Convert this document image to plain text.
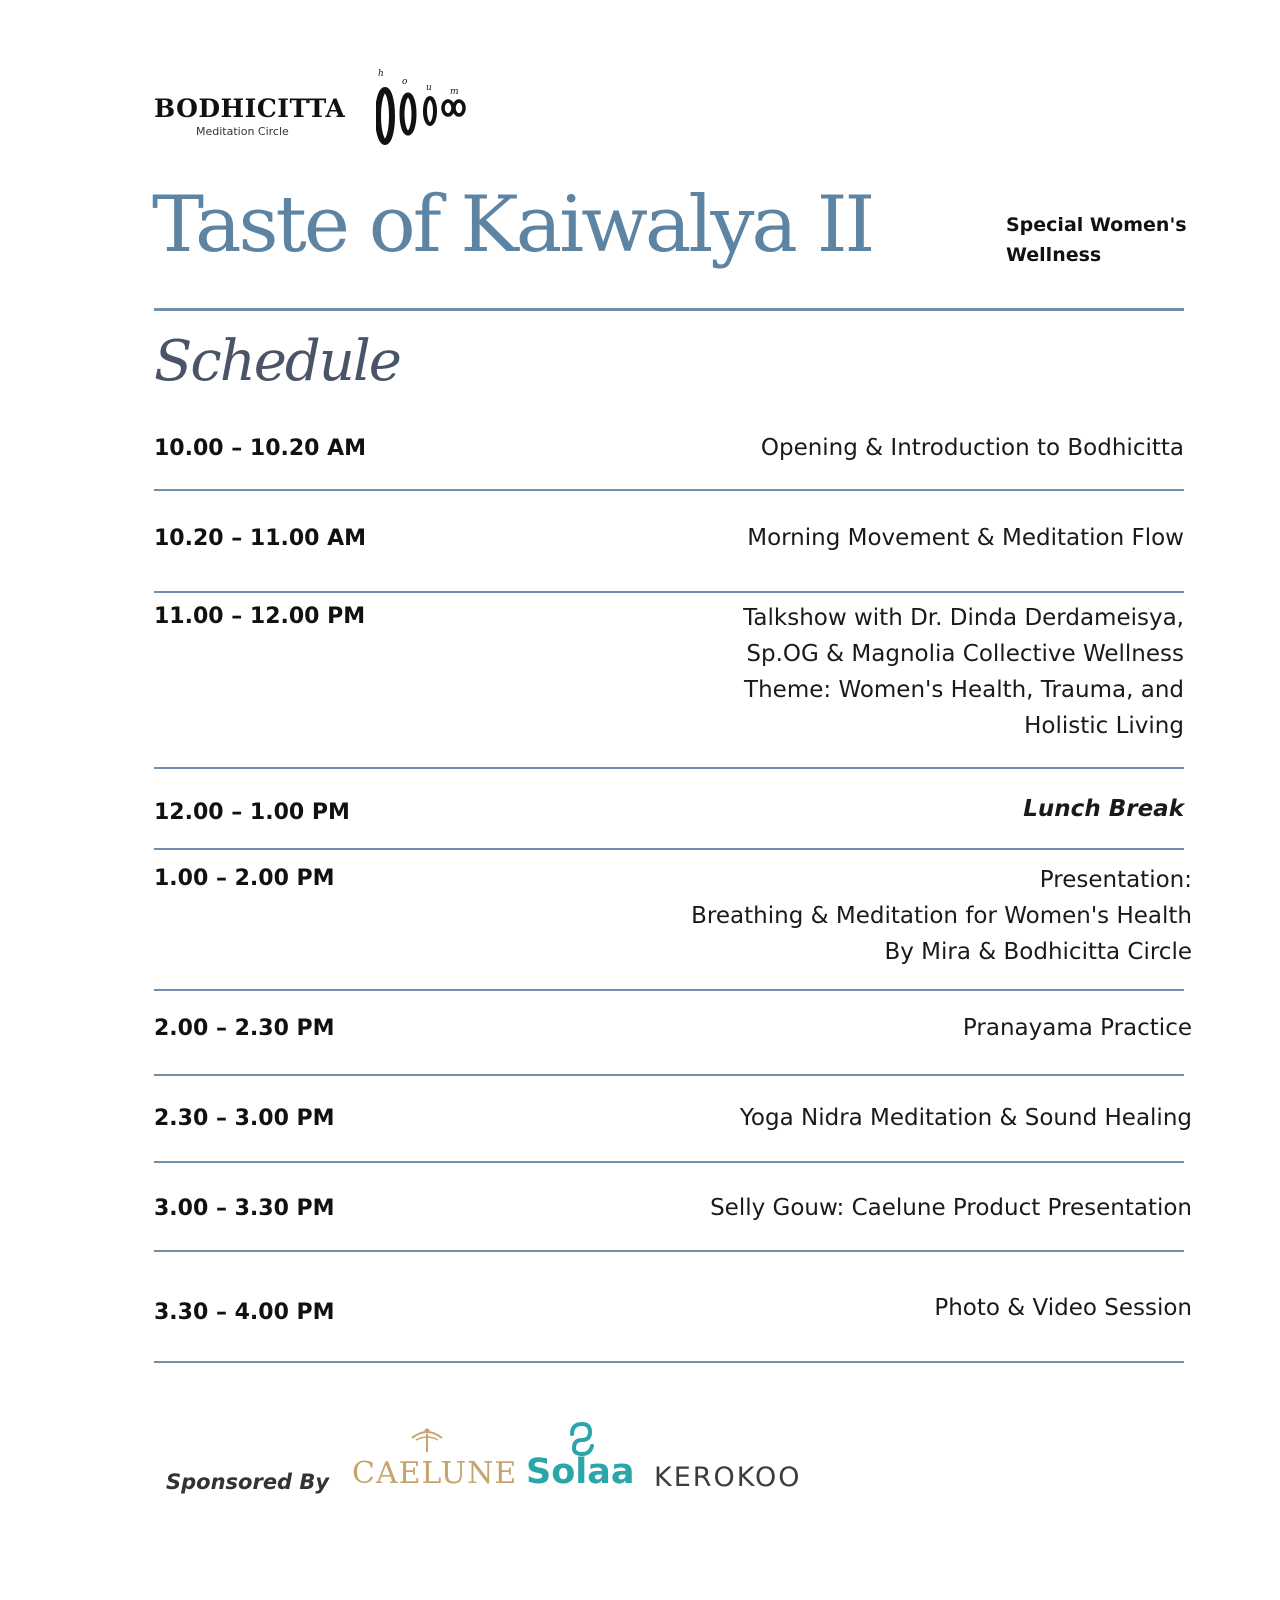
BODHICITTA
Meditation Circle
h
o
u m
Taste of Kaiwalya II	Special Women's
Wellness
Schedule
10.00 – 10.20 AM	Opening & Introduction to Bodhicitta
10.20 – 11.00 AM	Morning Movement & Meditation Flow
11.00 – 12.00 PM	Talkshow with Dr. Dinda Derdameisya,
Sp.OG & Magnolia Collective Wellness
Theme: Women's Health, Trauma, and
Holistic Living
12.00 – 1.00 PM	Lunch Break
1.00 – 2.00 PM	Presentation:
Breathing & Meditation for Women's Health
By Mira & Bodhicitta Circle
2.00 – 2.30 PM	Pranayama Practice
2.30 – 3.00 PM	Yoga Nidra Meditation & Sound Healing
3.00 – 3.30 PM	Selly Gouw: Caelune Product Presentation
3.30 – 4.00 PM	Photo & Video Session
Sponsored By CAELUNE Solaa KEROKOO
